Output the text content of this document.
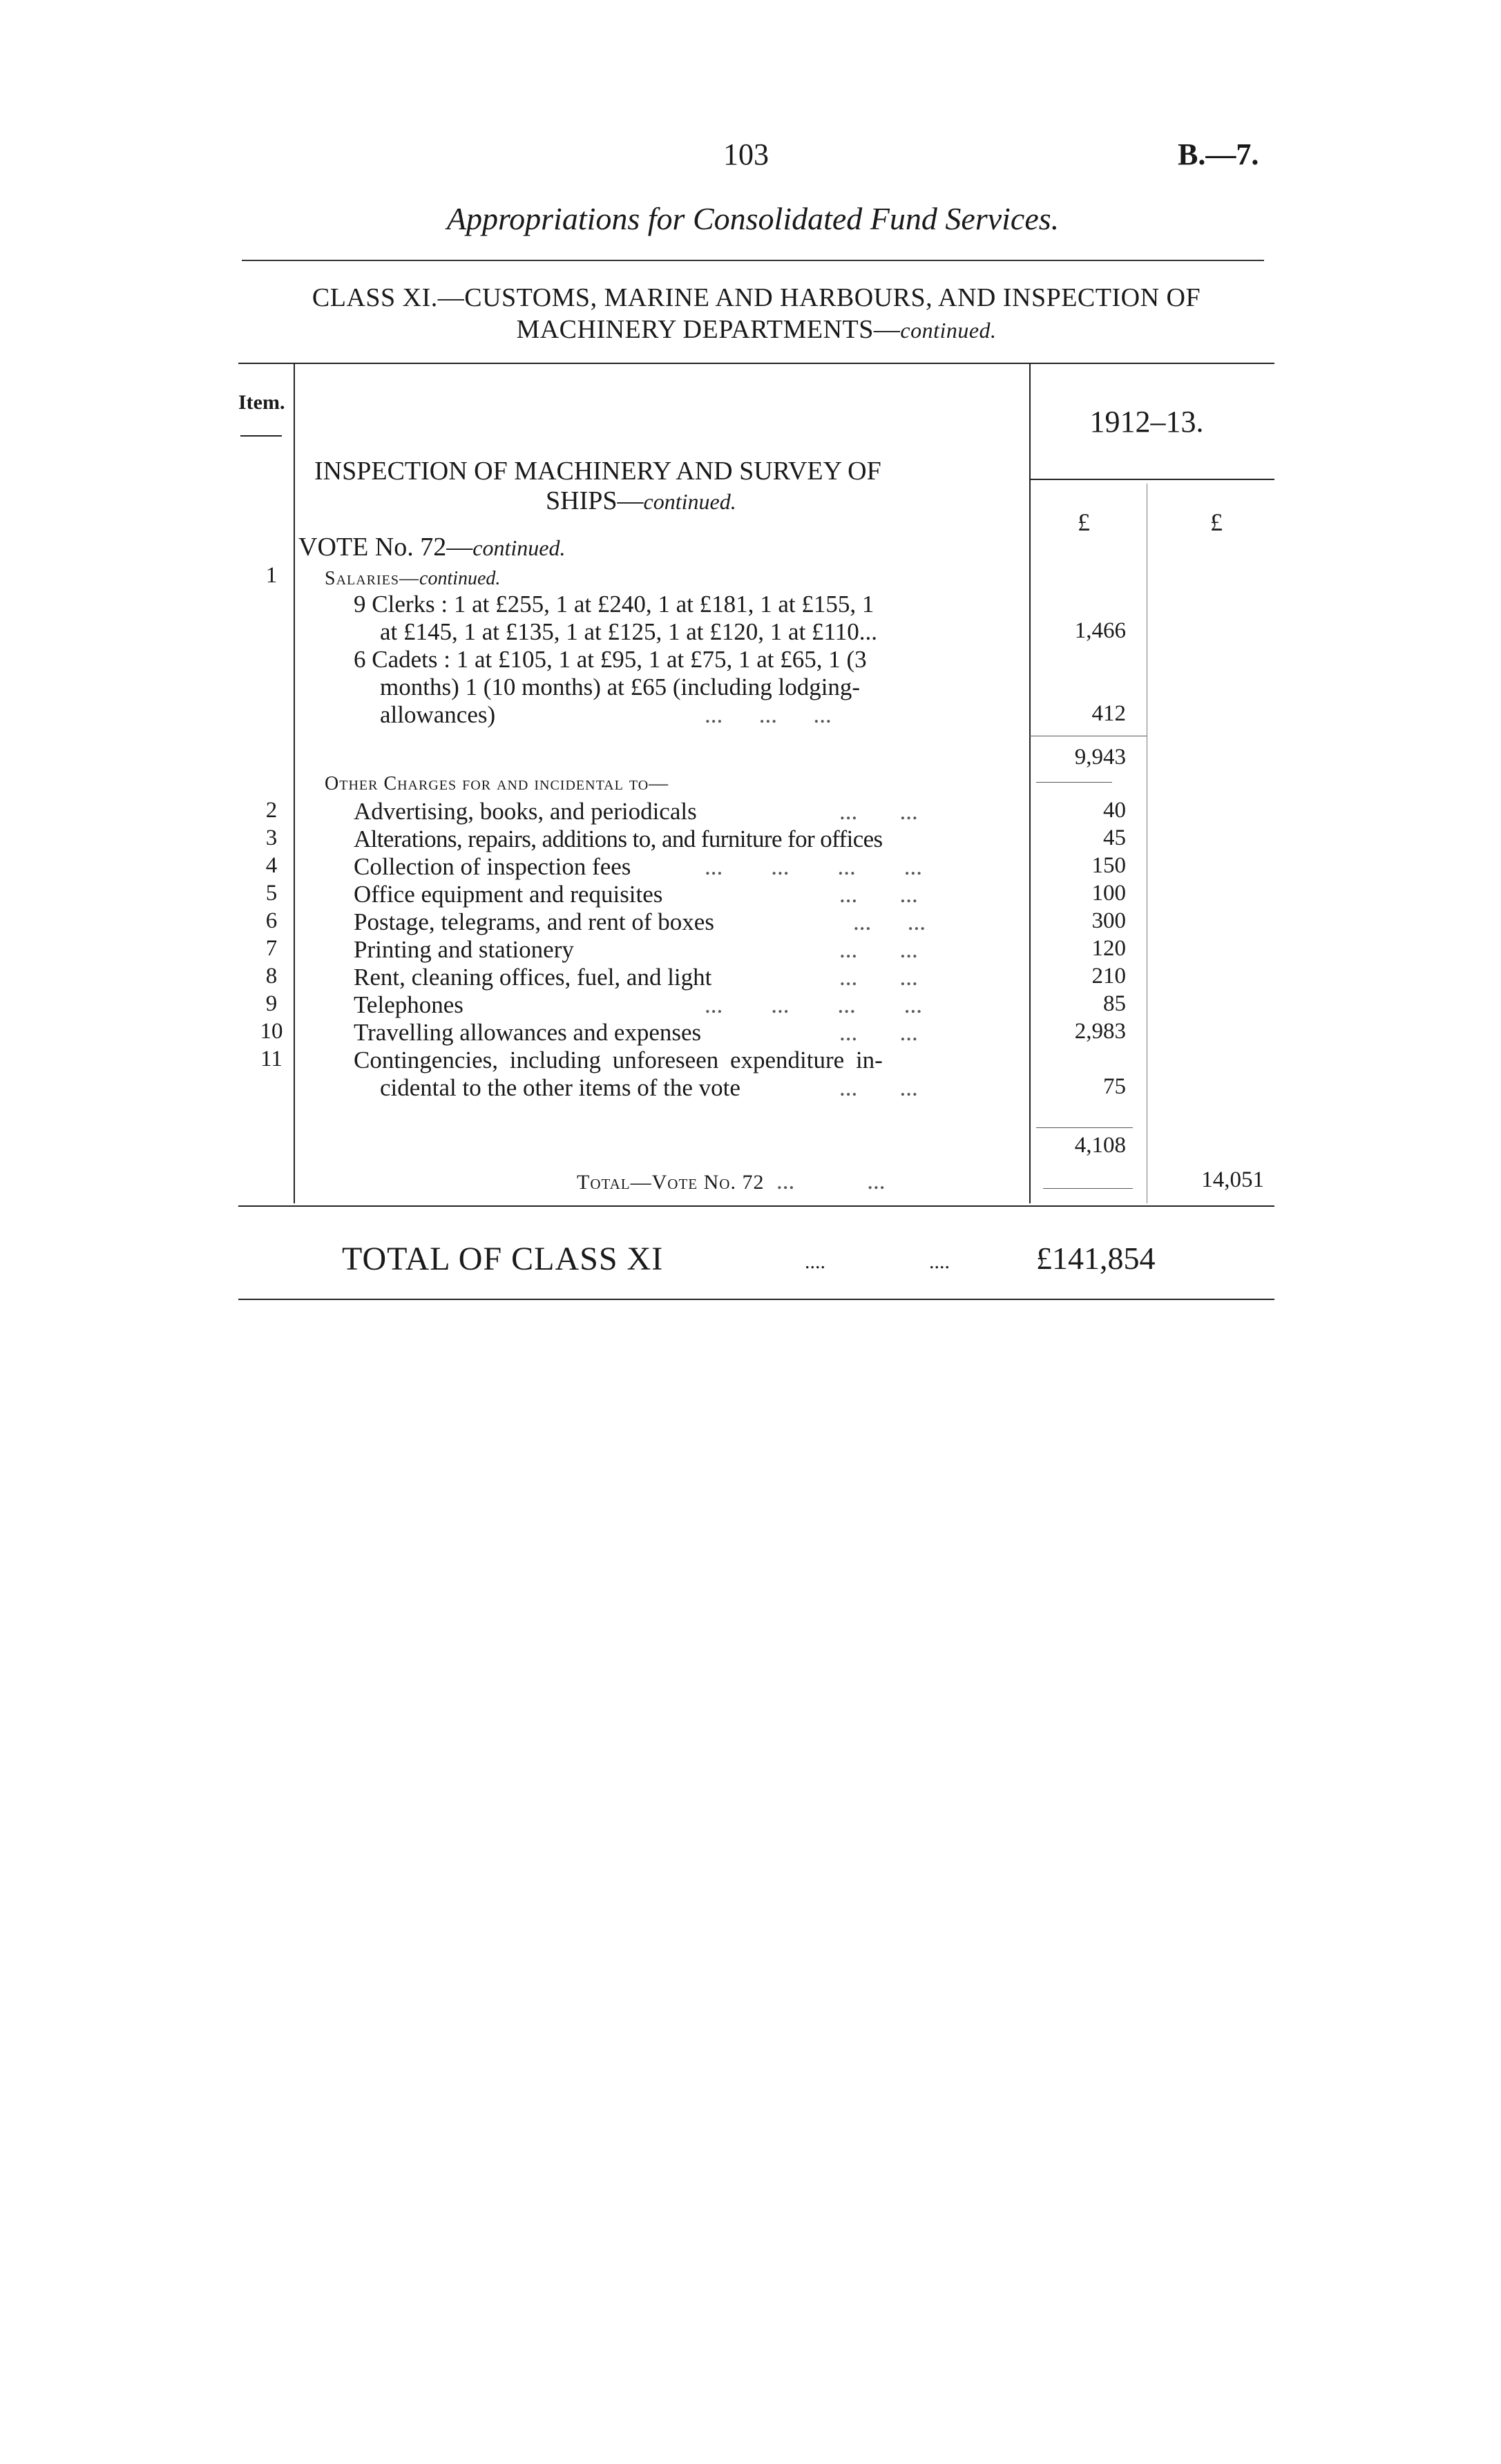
103	B.—7.
Appropriations for Consolidated Fund Services.
CLASS XI.—CUSTOMS, MARINE AND HARBOURS, AND INSPECTION OF
MACHINERY DEPARTMENTS—continued.
Item.
1912–13.
£	£
INSPECTION OF MACHINERY AND SURVEY OF
SHIPS—continued.
VOTE No. 72—continued.
Salaries—continued.
1
9 Clerks : 1 at £255, 1 at £240, 1 at £181, 1 at £155, 1
at £145, 1 at £135, 1 at £125, 1 at £120, 1 at £110...	1,466
6 Cadets : 1 at £105, 1 at £95, 1 at £75, 1 at £65, 1 (3
months) 1 (10 months) at £65 (including lodging-
allowances)	...      ...      ...	412
9,943
Other Charges for and incidental to—
2	Advertising, books, and periodicals	...       ...	40
3	Alterations, repairs, additions to, and furniture for offices	45
4	Collection of inspection fees	...        ...        ...        ...	150
5	Office equipment and requisites	...       ...	100
6	Postage, telegrams, and rent of boxes	...      ...	300
7	Printing and stationery	...       ...	120
8	Rent, cleaning offices, fuel, and light	...       ...	210
9	Telephones	...        ...        ...        ...	85
10	Travelling allowances and expenses	...       ...	2,983
11	Contingencies, including unforeseen expenditure in-
cidental to the other items of the vote	...       ...	75
4,108
Total—Vote No. 72  ...            ...	14,051
TOTAL OF CLASS XI	....	....	£141,854
